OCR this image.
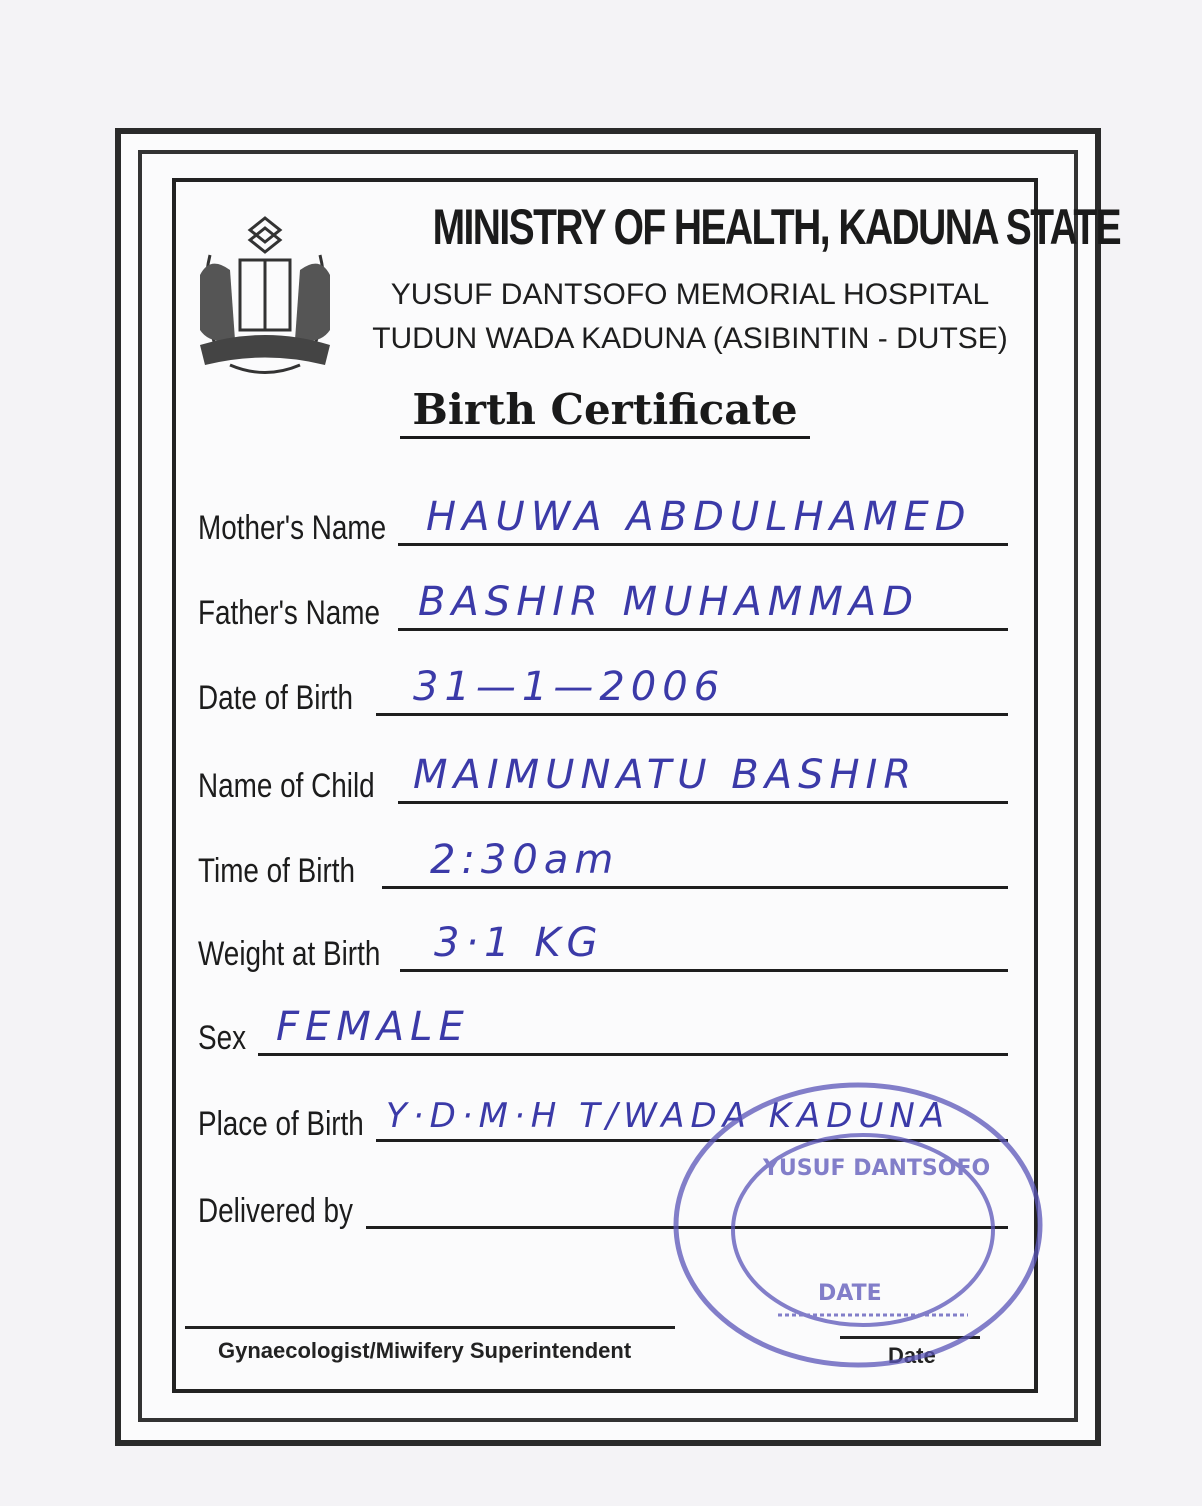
MINISTRY OF HEALTH, KADUNA STATE
YUSUF DANTSOFO MEMORIAL HOSPITAL
TUDUN WADA KADUNA (ASIBINTIN - DUTSE)
Birth Certificate
Mother's Name HAUWA ABDULHAMED
Father's Name BASHIR MUHAMMAD
Date of Birth 31—1—2006
Name of Child MAIMUNATU BASHIR
Time of Birth 2:30am
Weight at Birth 3·1 KG
Sex FEMALE
Place of Birth Y·D·M·H T/WADA KADUNA
Delivered by
Gynaecologist/Miwifery Superintendent	Date
YUSUF DANTSOFO
DATE
